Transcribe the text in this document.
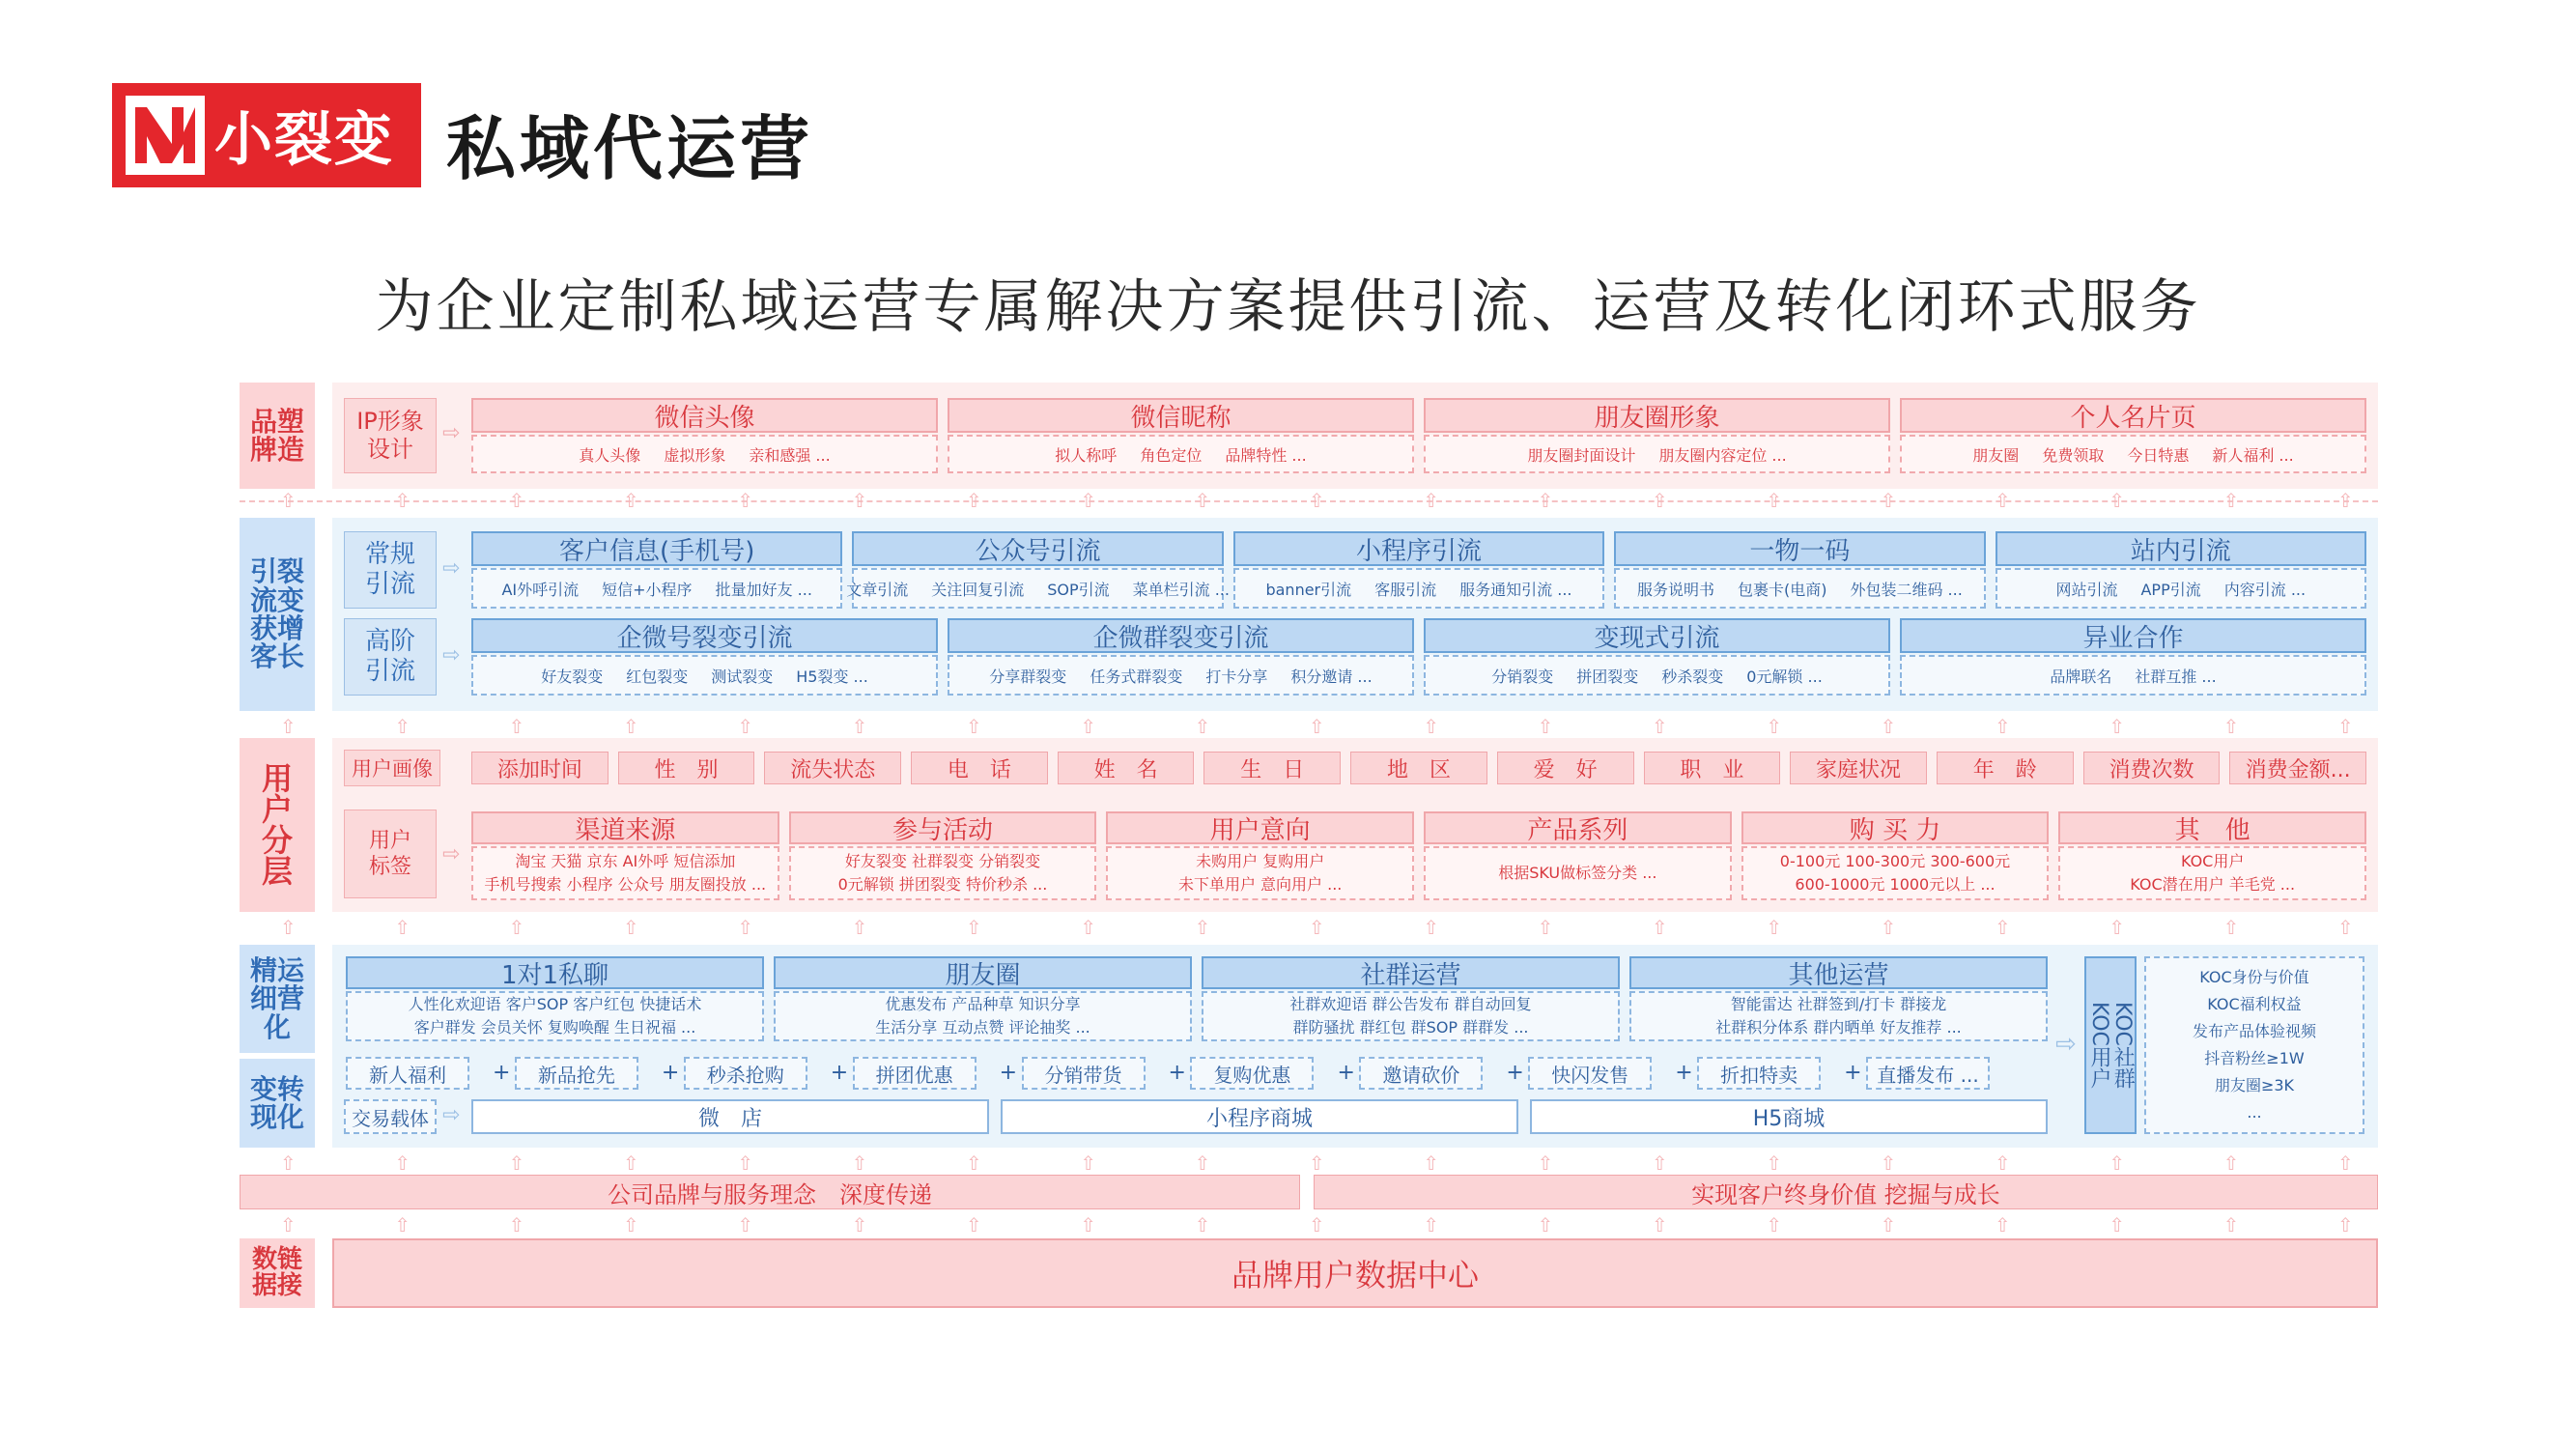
小裂变 私域代运营
为企业定制私域运营专属解决方案提供引流、运营及转化闭环式服务
品塑
牌造
IP形象
设计
⇨
微信头像
真人头像 虚拟形象 亲和感强 ...
微信昵称
拟人称呼 角色定位 品牌特性 ...
朋友圈形象
朋友圈封面设计 朋友圈内容定位 ...
个人名片页
朋友圈 免费领取 今日特惠 新人福利 ...
⇧	⇧	⇧	⇧	⇧	⇧	⇧	⇧	⇧	⇧	⇧	⇧	⇧	⇧	⇧	⇧	⇧	⇧	⇧
引裂
流变
获增
客长
常规
引流
⇨
高阶
引流
⇨
客户信息(手机号)
AI外呼引流 短信+小程序 批量加好友 ...
公众号引流
文章引流 关注回复引流 SOP引流 菜单栏引流 ...
小程序引流
banner引流 客服引流 服务通知引流 ...
一物一码
服务说明书 包裹卡(电商) 外包装二维码 ...
站内引流
网站引流 APP引流 内容引流 ...
企微号裂变引流
好友裂变 红包裂变 测试裂变 H5裂变 ...
企微群裂变引流
分享群裂变 任务式群裂变 打卡分享 积分邀请 ...
变现式引流
分销裂变 拼团裂变 秒杀裂变 0元解锁 ...
异业合作
品牌联名 社群互推 ...
⇧	⇧	⇧	⇧	⇧	⇧	⇧	⇧	⇧	⇧	⇧	⇧	⇧	⇧	⇧	⇧	⇧	⇧	⇧
用
户
分
层
用户画像	添加时间	性　别	流失状态	电　话	姓　名	生　日	地　区	爱　好	职　业	家庭状况	年　龄	消费次数	消费金额...
用户
标签
⇨
渠道来源
淘宝 天猫 京东 AI外呼 短信添加
手机号搜索 小程序 公众号 朋友圈投放 ...
参与活动
好友裂变 社群裂变 分销裂变
0元解锁 拼团裂变 特价秒杀 ...
用户意向
未购用户 复购用户
未下单用户 意向用户 ...
产品系列
根据SKU做标签分类 ...
购 买 力
0-100元 100-300元 300-600元
600-1000元 1000元以上 ...
其　他
KOC用户
KOC潜在用户 羊毛党 ...
⇧	⇧	⇧	⇧	⇧	⇧	⇧	⇧	⇧	⇧	⇧	⇧	⇧	⇧	⇧	⇧	⇧	⇧	⇧
精运
细营
化
变转
现化
1对1私聊
人性化欢迎语 客户SOP 客户红包 快捷话术
客户群发 会员关怀 复购唤醒 生日祝福 ...
朋友圈
优惠发布 产品种草 知识分享
生活分享 互动点赞 评论抽奖 ...
社群运营
社群欢迎语 群公告发布 群自动回复
群防骚扰 群红包 群SOP 群群发 ...
其他运营
智能雷达 社群签到/打卡 群接龙
社群积分体系 群内晒单 好友推荐 ...
新人福利	+	新品抢先	+	秒杀抢购	+	拼团优惠	+	分销带货	+	复购优惠	+	邀请砍价	+	快闪发售	+	折扣特卖	+ 直播发布 ...
交易载体 ⇨	微　店	小程序商城	H5商城
⇨	KOC社群
KOC用户
KOC身份与价值
KOC福利权益
发布产品体验视频
抖音粉丝≥1W
朋友圈≥3K
...
⇧	⇧	⇧	⇧	⇧	⇧	⇧	⇧	⇧	⇧	⇧	⇧	⇧	⇧	⇧	⇧	⇧	⇧	⇧
公司品牌与服务理念　深度传递	实现客户终身价值 挖掘与成长
⇧	⇧	⇧	⇧	⇧	⇧	⇧	⇧	⇧	⇧	⇧	⇧	⇧	⇧	⇧	⇧	⇧	⇧	⇧
数链
据接	品牌用户数据中心
